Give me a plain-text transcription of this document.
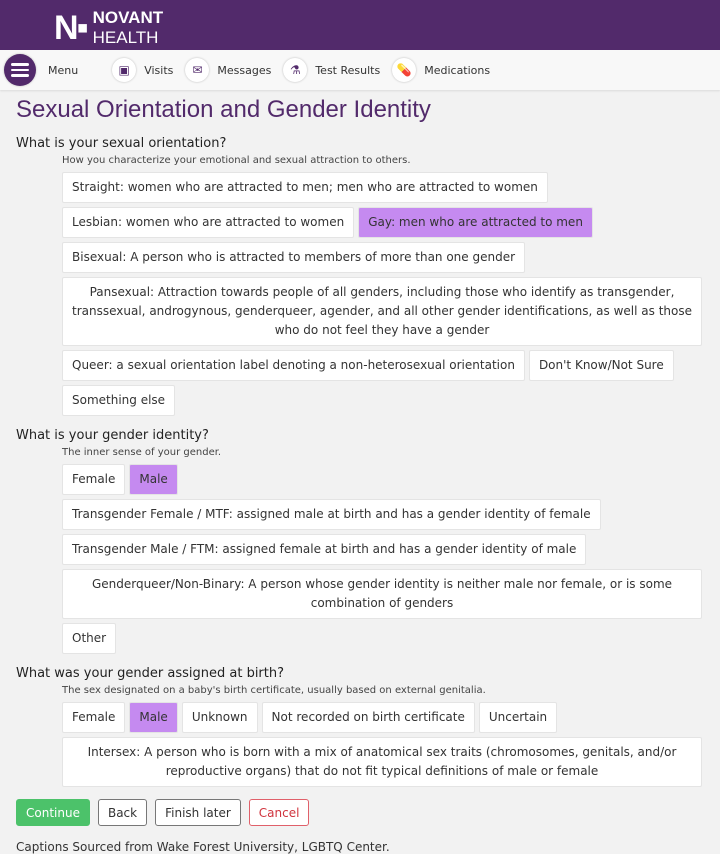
N▪ NOVANT
HEALTH
Menu	▣	Visits	✉	Messages	⚗	Test Results	💊	Medications
Sexual Orientation and Gender Identity
What is your sexual orientation?
How you characterize your emotional and sexual attraction to others.
Straight: women who are attracted to men; men who are attracted to women
Lesbian: women who are attracted to women	Gay: men who are attracted to men
Bisexual: A person who is attracted to members of more than one gender
Pansexual: Attraction towards people of all genders, including those who identify as transgender, transsexual, androgynous, genderqueer, agender, and all other gender identifications, as well as those who do not feel they have a gender
Queer: a sexual orientation label denoting a non-heterosexual orientation	Don't Know/Not Sure
Something else
What is your gender identity?
The inner sense of your gender.
Female	Male
Transgender Female / MTF: assigned male at birth and has a gender identity of female
Transgender Male / FTM: assigned female at birth and has a gender identity of male
Genderqueer/Non-Binary: A person whose gender identity is neither male nor female, or is some combination of genders
Other
What was your gender assigned at birth?
The sex designated on a baby's birth certificate, usually based on external genitalia.
Female	Male	Unknown	Not recorded on birth certificate	Uncertain
Intersex: A person who is born with a mix of anatomical sex traits (chromosomes, genitals, and/or reproductive organs) that do not fit typical definitions of male or female
Continue	Back	Finish later	Cancel
Captions Sourced from Wake Forest University, LGBTQ Center.
